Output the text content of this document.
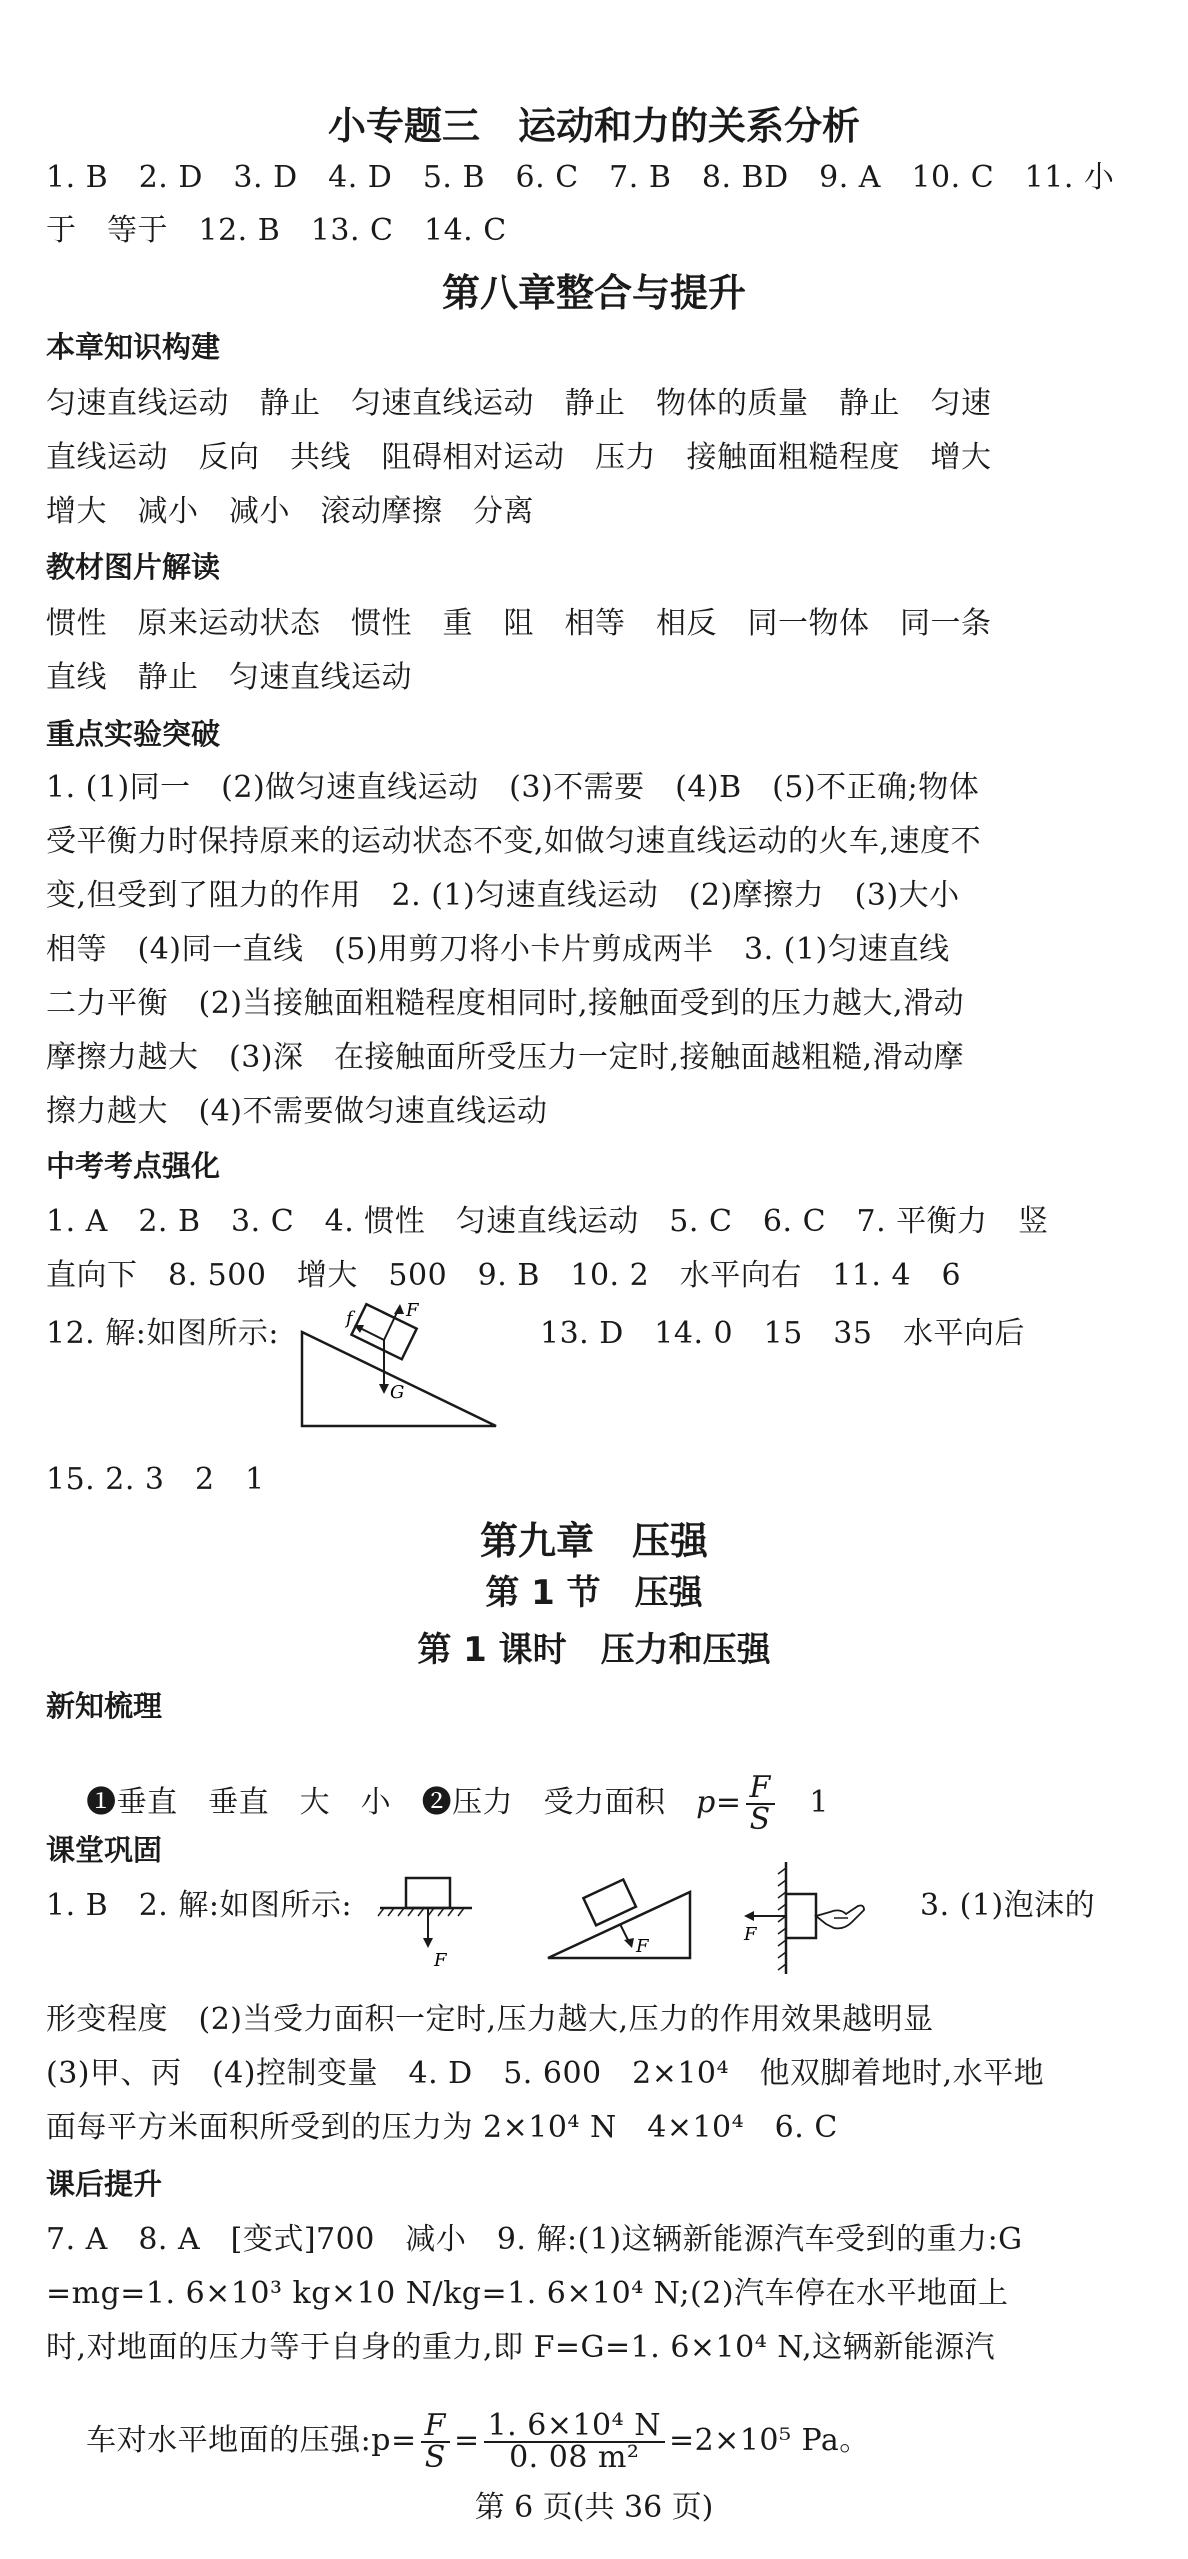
小专题三　运动和力的关系分析
1. B　2. D　3. D　4. D　5. B　6. C　7. B　8. BD　9. A　10. C　11. 小
于　等于　12. B　13. C　14. C
第八章整合与提升
本章知识构建
匀速直线运动　静止　匀速直线运动　静止　物体的质量　静止　匀速
直线运动　反向　共线　阻碍相对运动　压力　接触面粗糙程度　增大
增大　减小　减小　滚动摩擦　分离
教材图片解读
惯性　原来运动状态　惯性　重　阻　相等　相反　同一物体　同一条
直线　静止　匀速直线运动
重点实验突破
1. (1)同一　(2)做匀速直线运动　(3)不需要　(4)B　(5)不正确;物体
受平衡力时保持原来的运动状态不变,如做匀速直线运动的火车,速度不
变,但受到了阻力的作用　2. (1)匀速直线运动　(2)摩擦力　(3)大小
相等　(4)同一直线　(5)用剪刀将小卡片剪成两半　3. (1)匀速直线
二力平衡　(2)当接触面粗糙程度相同时,接触面受到的压力越大,滑动
摩擦力越大　(3)深　在接触面所受压力一定时,接触面越粗糙,滑动摩
擦力越大　(4)不需要做匀速直线运动
中考考点强化
1. A　2. B　3. C　4. 惯性　匀速直线运动　5. C　6. C　7. 平衡力　竖
直向下　8. 500　增大　500　9. B　10. 2　水平向右　11. 4　6
12. 解:如图所示:
F
G
f	13. D　14. 0　15　35　水平向后
15. 2. 3　2　1
第九章　压强
第 1 节　压强
第 1 课时　压力和压强
新知梳理

❶垂直　垂直　大　小　❷压力　受力面积　 $p= \frac{F}{S}$
　 1

课堂巩固
1. B　2. 解:如图所示:
F
F
F
3. (1)泡沫的
形变程度　(2)当受力面积一定时,压力越大,压力的作用效果越明显
(3)甲、丙　(4)控制变量　4. D　5. 600　2×10⁴　他双脚着地时,水平地
面每平方米面积所受到的压力为 2×10⁴ N　4×10⁴　6. C
课后提升
7. A　8. A　[变式]700　减小　9. 解:(1)这辆新能源汽车受到的重力:G
=mg=1. 6×10³ kg×10 N/kg=1. 6×10⁴ N;(2)汽车停在水平地面上
时,对地面的压力等于自身的重力,即 F=G=1. 6×10⁴ N,这辆新能源汽

车对水平地面的压强:p= $\frac{F}{S} = \frac{\text{1. 6×10⁴ N}}{\text{0. 08 m²}} =2\times 10^5$ Pa。

第 6 页(共 36 页)
